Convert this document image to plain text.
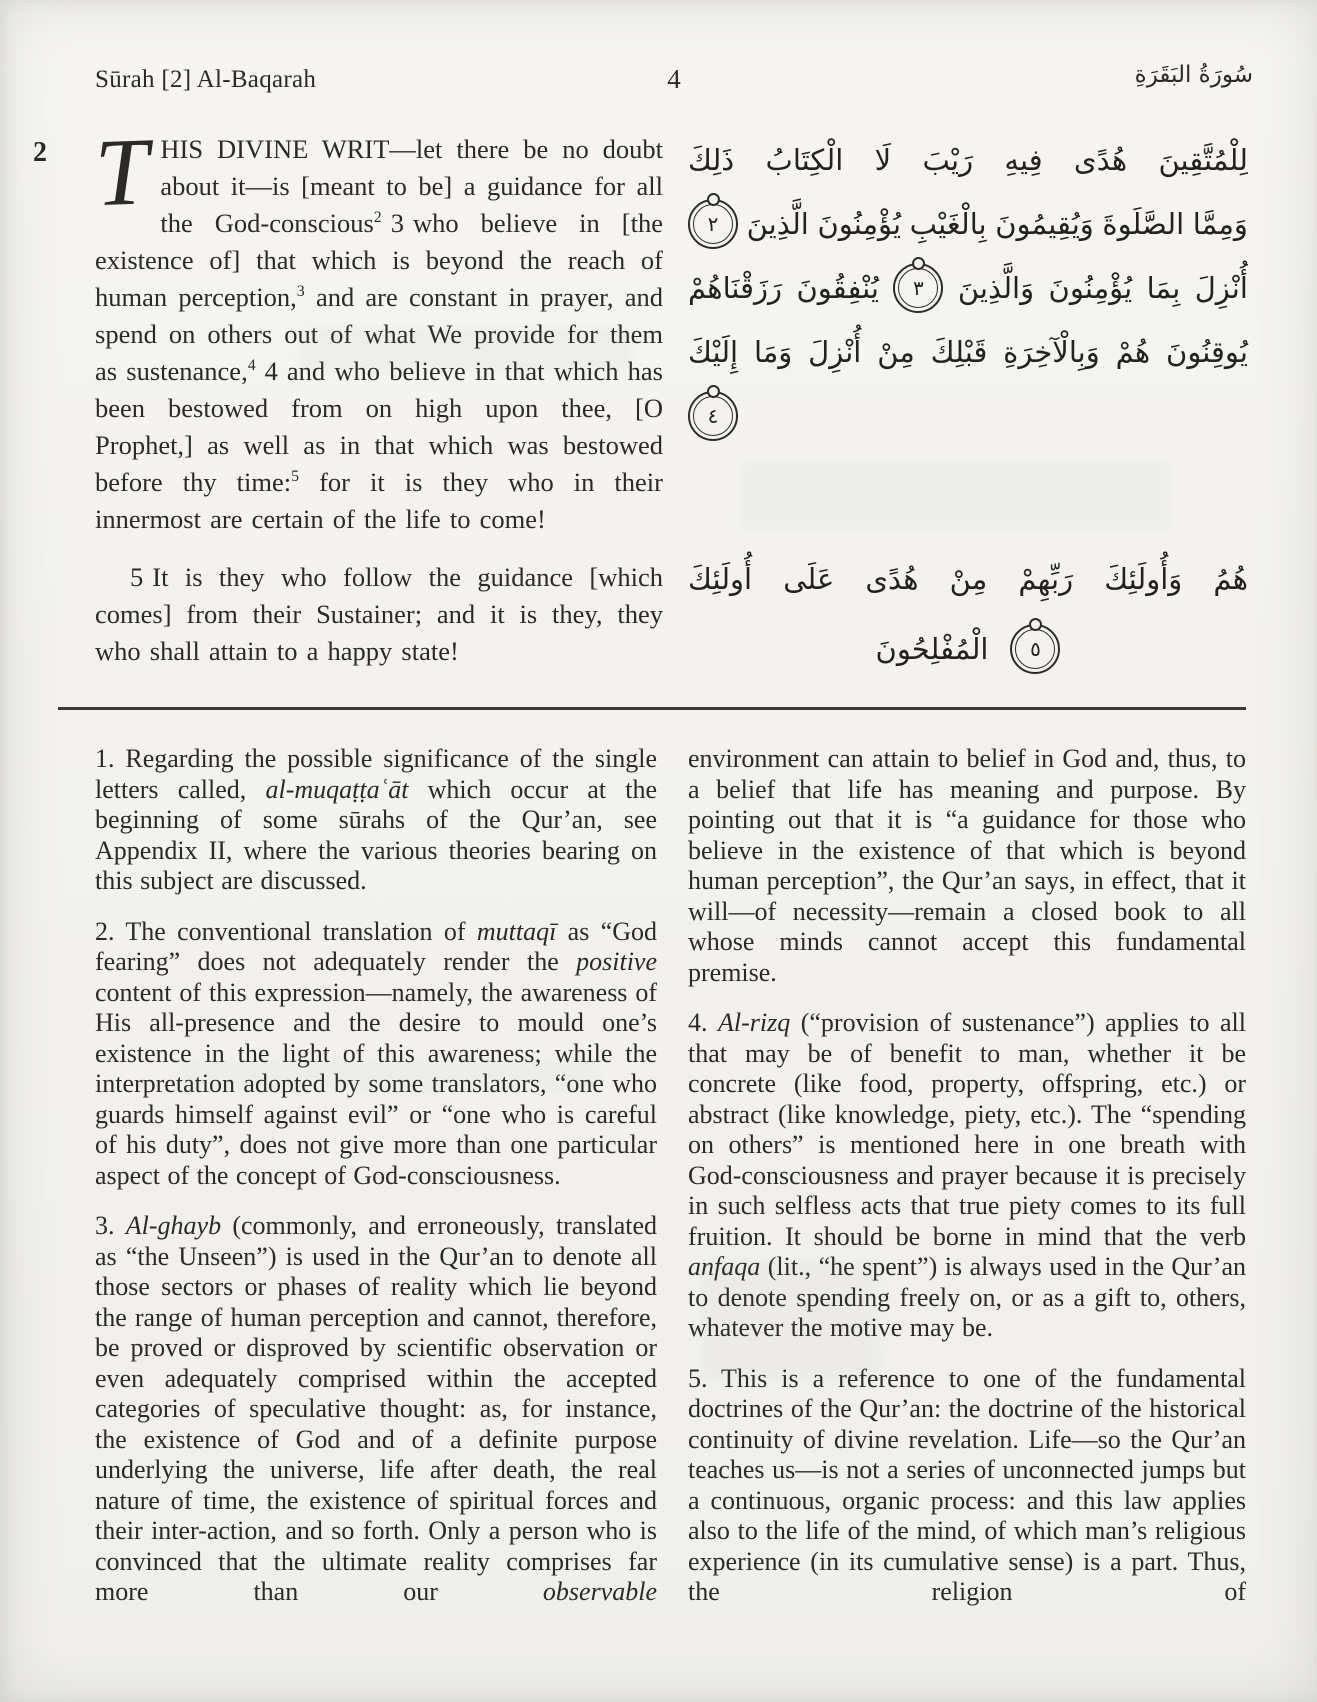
Sūrah [2] Al-Baqarah	4	سُورَةُ البَقَرَةِ
2 THIS DIVINE WRIT—let there be no doubt about it—is [meant to be] a guidance for all the God-conscious$^2$ 3 who believe in [the existence of] that which is beyond the reach of human perception,$^3$ and are constant in prayer, and spend on others out of what We provide for them as sustenance,$^4$ 4 and who believe in that which has been bestowed from on high upon thee, [O Prophet,] as well as in that which was bestowed before thy time:$^5$ for it is they who in their innermost are certain of the life to come!

5 It is they who follow the guidance [which comes] from their Sustainer; and it is they, they who shall attain to a happy state!

ذَلِكَ الْكِتَابُ لَا رَيْبَ فِيهِ هُدًى لِلْمُتَّقِينَ
٢ الَّذِينَ يُؤْمِنُونَ بِالْغَيْبِ وَيُقِيمُونَ الصَّلَوةَ وَمِمَّا
رَزَقْنَاهُمْ يُنْفِقُونَ	٣	وَالَّذِينَ يُؤْمِنُونَ بِمَا أُنْزِلَ
إِلَيْكَ وَمَا أُنْزِلَ مِنْ قَبْلِكَ وَبِالْآخِرَةِ هُمْ يُوقِنُونَ
٤
أُولَئِكَ عَلَى هُدًى مِنْ رَبِّهِمْ وَأُولَئِكَ هُمُ
الْمُفْلِحُونَ	٥

1. Regarding the possible significance of the single letters called, al-muqaṭṭaʿāt which occur at the beginning of some sūrahs of the Qur’an, see Appendix II, where the various theories bearing on this subject are discussed.

2. The conventional translation of muttaqī as “God fearing” does not adequately render the positive content of this expression—namely, the awareness of His all-presence and the desire to mould one’s existence in the light of this awareness; while the interpretation adopted by some translators, “one who guards himself against evil” or “one who is careful of his duty”, does not give more than one particular aspect of the concept of God-consciousness.

3. Al-ghayb (commonly, and erroneously, translated as “the Unseen”) is used in the Qur’an to denote all those sectors or phases of reality which lie beyond the range of human perception and cannot, therefore, be proved or disproved by scientific observation or even adequately comprised within the accepted categories of speculative thought: as, for instance, the existence of God and of a definite purpose underlying the universe, life after death, the real nature of time, the existence of spiritual forces and their inter-action, and so forth. Only a person who is convinced that the ultimate reality comprises far more than our observable

environment can attain to belief in God and, thus, to a belief that life has meaning and purpose. By pointing out that it is “a guidance for those who believe in the existence of that which is beyond human perception”, the Qur’an says, in effect, that it will—of necessity—remain a closed book to all whose minds cannot accept this fundamental premise.

4. Al-rizq (“provision of sustenance”) applies to all that may be of benefit to man, whether it be concrete (like food, property, offspring, etc.) or abstract (like knowledge, piety, etc.). The “spending on others” is mentioned here in one breath with God-consciousness and prayer because it is precisely in such selfless acts that true piety comes to its full fruition. It should be borne in mind that the verb anfaqa (lit., “he spent”) is always used in the Qur’an to denote spending freely on, or as a gift to, others, whatever the motive may be.

5. This is a reference to one of the fundamental doctrines of the Qur’an: the doctrine of the historical continuity of divine revelation. Life—so the Qur’an teaches us—is not a series of unconnected jumps but a continuous, organic process: and this law applies also to the life of the mind, of which man’s religious experience (in its cumulative sense) is a part. Thus, the religion of
